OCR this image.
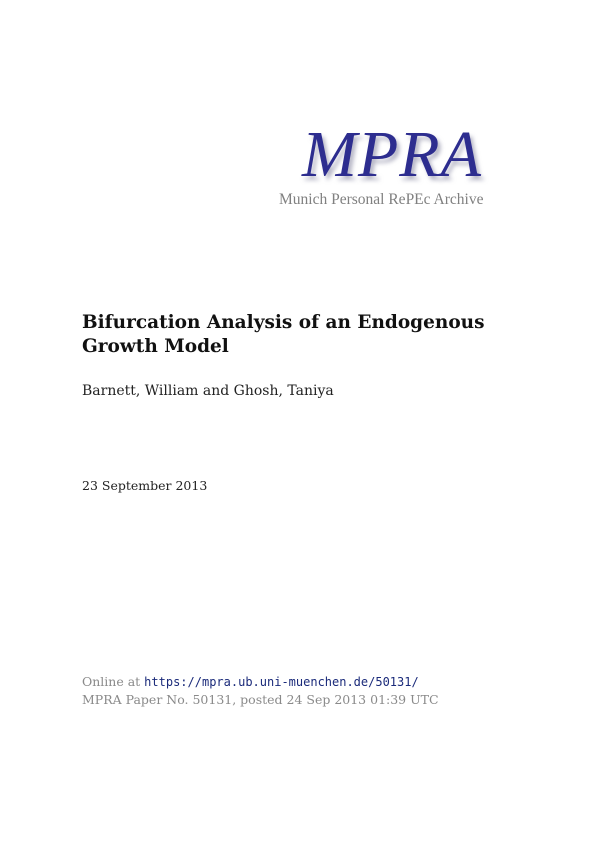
MPRA
Munich Personal RePEc Archive
Bifurcation Analysis of an Endogenous Growth Model
Barnett, William and Ghosh, Taniya
23 September 2013
Online at https://mpra.ub.uni-muenchen.de/50131/
MPRA Paper No. 50131, posted 24 Sep 2013 01:39 UTC
